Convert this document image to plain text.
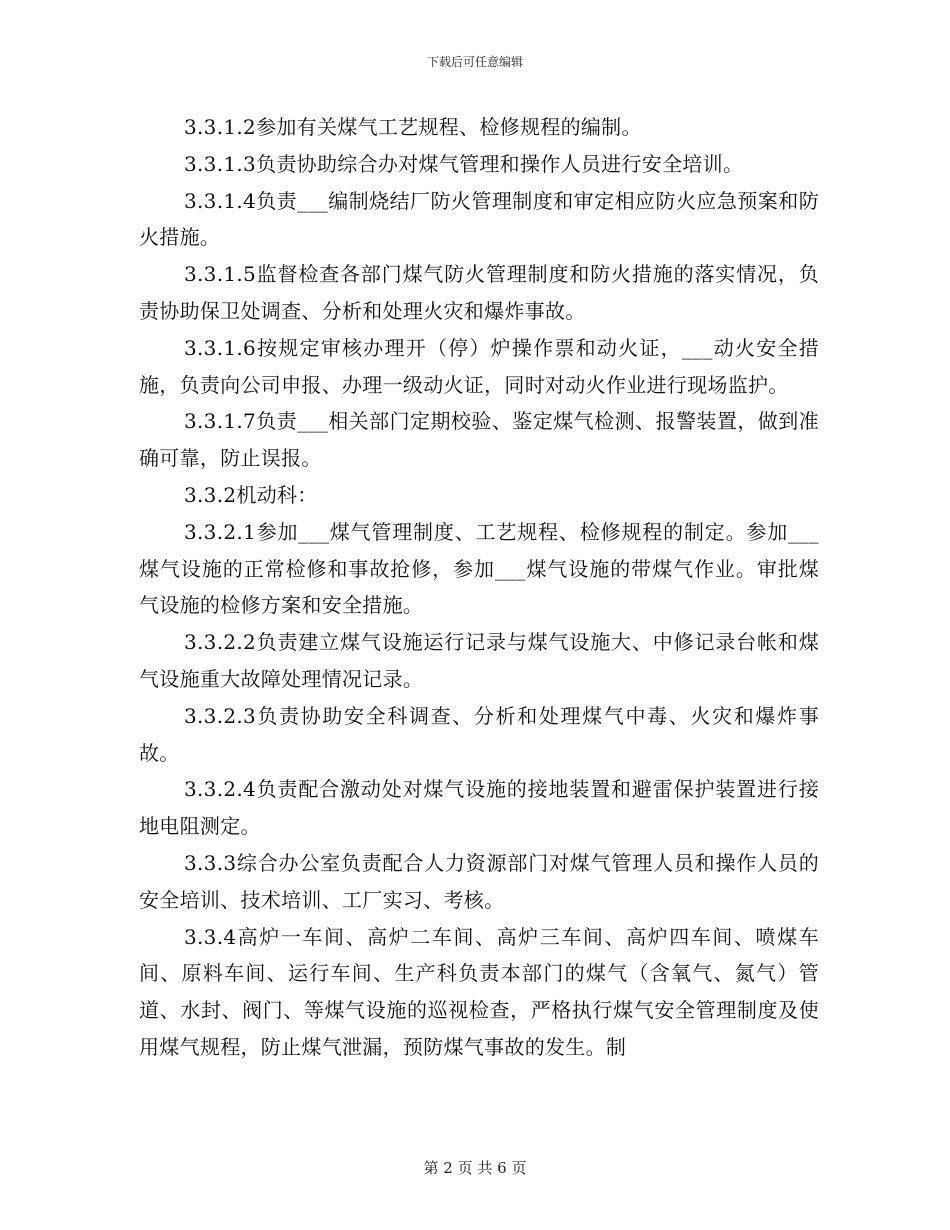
下载后可任意编辑

3.3.1.2参加有关煤气工艺规程、检修规程的编制。

3.3.1.3负责协助综合办对煤气管理和操作人员进行安全培训。

3.3.1.4负责___编制烧结厂防火管理制度和审定相应防火应急预案和防火措施。

3.3.1.5监督检查各部门煤气防火管理制度和防火措施的落实情况，负责协助保卫处调查、分析和处理火灾和爆炸事故。

3.3.1.6按规定审核办理开（停）炉操作票和动火证，___动火安全措施，负责向公司申报、办理一级动火证，同时对动火作业进行现场监护。

3.3.1.7负责___相关部门定期校验、鉴定煤气检测、报警装置，做到准确可靠，防止误报。

3.3.2机动科：

3.3.2.1参加___煤气管理制度、工艺规程、检修规程的制定。参加___煤气设施的正常检修和事故抢修，参加___煤气设施的带煤气作业。审批煤气设施的检修方案和安全措施。

3.3.2.2负责建立煤气设施运行记录与煤气设施大、中修记录台帐和煤气设施重大故障处理情况记录。

3.3.2.3负责协助安全科调查、分析和处理煤气中毒、火灾和爆炸事故。

3.3.2.4负责配合激动处对煤气设施的接地装置和避雷保护装置进行接地电阻测定。

3.3.3综合办公室负责配合人力资源部门对煤气管理人员和操作人员的安全培训、技术培训、工厂实习、考核。

3.3.4高炉一车间、高炉二车间、高炉三车间、高炉四车间、喷煤车间、原料车间、运行车间、生产科负责本部门的煤气（含氧气、氮气）管道、水封、阀门、等煤气设施的巡视检查，严格执行煤气安全管理制度及使用煤气规程，防止煤气泄漏，预防煤气事故的发生。制

第 2 页 共 6 页
